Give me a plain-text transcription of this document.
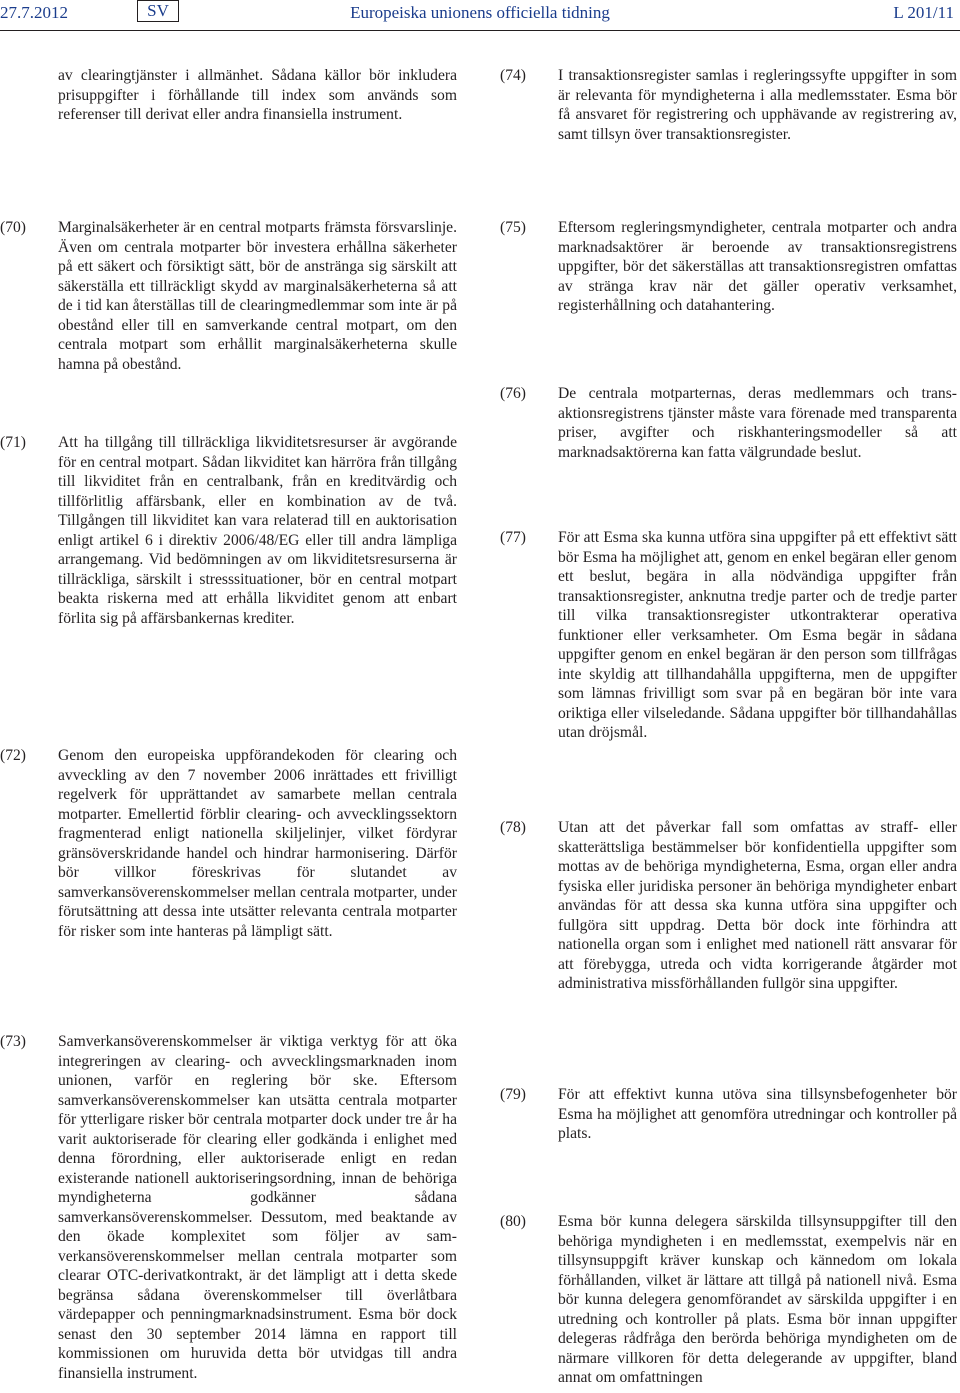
27.7.2012	SV	Europeiska unionens officiella tidning	L 201/11
av clearingtjänster i allmänhet. Sådana källor bör inkludera prisuppgifter i förhållande till index som används som referenser till derivat eller andra finansiella instrument.
(70) Marginalsäkerheter är en central motparts främsta försvarslinje. Även om centrala motparter bör investera erhållna säkerheter på ett säkert och försiktigt sätt, bör de ansträngа sig särskilt att säkerställa ett tillräckligt skydd av marginalsäkerheterna så att de i tid kan återställas till de clearingmedlemmar som inte är på obestånd eller till en samverkande central motpart, om den centrala motpart som erhållit marginalsäkerheterna skulle hamna på obestånd.
(71) Att ha tillgång till tillräckliga likviditetsresurser är avgörande för en central motpart. Sådan likviditet kan härröra från tillgång till likviditet från en centralbank, från en kreditvärdig och tillförlitlig affärsbank, eller en kombination av de två. Tillgången till likviditet kan vara relaterad till en auktorisation enligt artikel 6 i direktiv 2006/48/EG eller till andra lämpliga arrangemang. Vid bedömningen av om likviditetsresurserna är tillräckliga, särskilt i stresssituationer, bör en central motpart beakta riskerna med att erhålla likviditet genom att enbart förlita sig på affärsbankernas krediter.
(72) Genom den europeiska uppförandekoden för clearing och avveckling av den 7 november 2006 inrättades ett frivilligt regelverk för upprättandet av samarbete mellan centrala motparter. Emellertid förblir clearing- och avvecklingssektorn fragmenterad enligt nationella skiljelinjer, vilket fördyrar gränsöverskridande handel och hindrar harmonisering. Därför bör villkor föreskrivas för slutandet av samverkansöverenskommelser mellan centrala motparter, under förutsättning att dessa inte utsätter relevanta centrala motparter för risker som inte hanteras på lämpligt sätt.
(73) Samverkansöverenskommelser är viktiga verktyg för att öka integreringen av clearing- och avvecklingsmarknaden inom unionen, varför en reglering bör ske. Eftersom samverkansöverenskommelser kan utsätta centrala motparter för ytterligare risker bör centrala motparter dock under tre år ha varit auktoriserade för clearing eller godkända i enlighet med denna förordning, eller auktoriserade enligt en redan existerande nationell auktoriseringsordning, innan de behöriga myndigheterna godkänner sådana samverkansöverenskommelser. Dessutom, med beaktande av den ökade komplexitet som följer av samverkansöverenskommelser mellan centrala motparter som clearar OTC-derivatkontrakt, är det lämpligt att i detta skede begränsa sådana överenskommelser till överlåtbara värdepapper och penningmarknadsinstrument. Esma bör dock senast den 30 september 2014 lämna en rapport till kommissionen om huruvida detta bör utvidgas till andra finansiella instrument.
(74) I transaktionsregister samlas i regleringssyfte uppgifter in som är relevanta för myndigheterna i alla medlemsstater. Esma bör få ansvaret för registrering och upphävande av registrering av, samt tillsyn över transaktionsregister.
(75) Eftersom regleringsmyndigheter, centrala motparter och andra marknadsaktörer är beroende av transaktionsregistrens uppgifter, bör det säkerställas att transaktionsregistren omfattas av stränga krav när det gäller operativ verksamhet, registerhållning och datahantering.
(76) De centrala motparternas, deras medlemmars och transaktionsregistrens tjänster måste vara förenade med transparenta priser, avgifter och riskhanteringsmodeller så att marknadsaktörerna kan fatta välgrundade beslut.
(77) För att Esma ska kunna utföra sina uppgifter på ett effektivt sätt bör Esma ha möjlighet att, genom en enkel begäran eller genom ett beslut, begära in alla nödvändiga uppgifter från transaktionsregister, anknutna tredje parter och de tredje parter till vilka transaktionsregister utkontrakterar operativa funktioner eller verksamheter. Om Esma begär in sådana uppgifter genom en enkel begäran är den person som tillfrågas inte skyldig att tillhandahålla uppgifterna, men de uppgifter som lämnas frivilligt som svar på en begäran bör inte vara oriktiga eller vilseledande. Sådana uppgifter bör tillhandahållas utan dröjsmål.
(78) Utan att det påverkar fall som omfattas av straff- eller skatterättsliga bestämmelser bör konfidentiella uppgifter som mottas av de behöriga myndigheterna, Esma, organ eller andra fysiska eller juridiska personer än behöriga myndigheter enbart användas för att dessa ska kunna utföra sina uppgifter och fullgöra sitt uppdrag. Detta bör dock inte förhindra att nationella organ som i enlighet med nationell rätt ansvarar för att förebygga, utreda och vidta korrigerande åtgärder mot administrativa missförhållanden fullgör sina uppgifter.
(79) För att effektivt kunna utöva sina tillsynsbefogenheter bör Esma ha möjlighet att genomföra utredningar och kontroller på plats.
(80) Esma bör kunna delegera särskilda tillsynsuppgifter till den behöriga myndigheten i en medlemsstat, exempelvis när en tillsynsuppgift kräver kunskap och kännedom om lokala förhållanden, vilket är lättare att tillgå på nationell nivå. Esma bör kunna delegera genomförandet av särskilda uppgifter i en utredning och kontroller på plats. Esma bör innan uppgifter delegeras rådfråga den berörda behöriga myndigheten om de närmare villkoren för detta delegerande av uppgifter, bland annat om omfattningen
